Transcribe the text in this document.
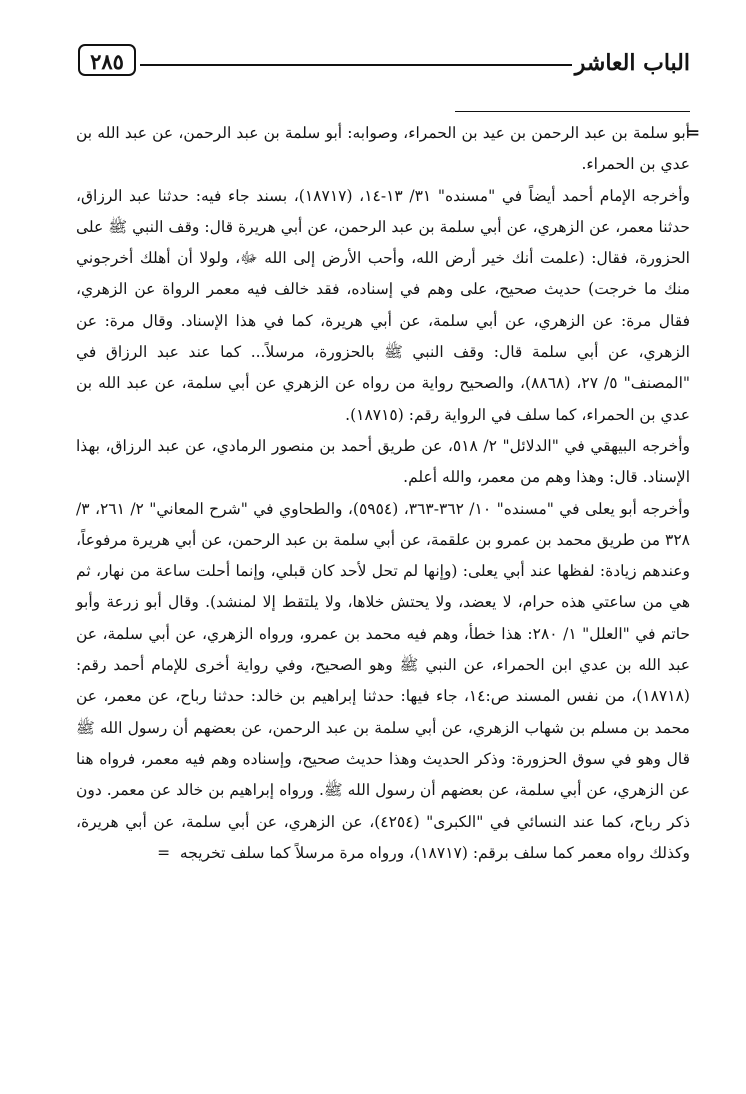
الباب العاشر
٢٨٥
=

أبو سلمة بن عبد الرحمن بن عيد بن الحمراء، وصوابه: أبو سلمة بن عبد الرحمن، عن عبد الله بن عدي بن الحمراء.

وأخرجه الإمام أحمد أيضاً في "مسنده" ٣١/ ١٣-١٤، (١٨٧١٧)، بسند جاء فيه: حدثنا عبد الرزاق، حدثنا معمر، عن الزهري، عن أبي سلمة بن عبد الرحمن، عن أبي هريرة قال: وقف النبي ﷺ على الحزورة، فقال: (علمت أنك خير أرض الله، وأحب الأرض إلى الله ﷻ، ولولا أن أهلك أخرجوني منك ما خرجت) حديث صحيح، على وهم في إسناده، فقد خالف فيه معمر الرواة عن الزهري، فقال مرة: عن الزهري، عن أبي سلمة، عن أبي هريرة، كما في هذا الإسناد. وقال مرة: عن الزهري، عن أبي سلمة قال: وقف النبي ﷺ بالحزورة، مرسلاً... كما عند عبد الرزاق في "المصنف" ٥/ ٢٧، (٨٨٦٨)، والصحيح رواية من رواه عن الزهري عن أبي سلمة، عن عبد الله بن عدي بن الحمراء، كما سلف في الرواية رقم: (١٨٧١٥).

وأخرجه البيهقي في "الدلائل" ٢/ ٥١٨، عن طريق أحمد بن منصور الرمادي، عن عبد الرزاق، بهذا الإسناد. قال: وهذا وهم من معمر، والله أعلم.

وأخرجه أبو يعلى في "مسنده" ١٠/ ٣٦٢-٣٦٣، (٥٩٥٤)، والطحاوي في "شرح المعاني" ٢/ ٢٦١، ٣/ ٣٢٨ من طريق محمد بن عمرو بن علقمة، عن أبي سلمة بن عبد الرحمن، عن أبي هريرة مرفوعاً، وعندهم زيادة: لفظها عند أبي يعلى: (وإنها لم تحل لأحد كان قبلي، وإنما أحلت ساعة من نهار، ثم هي من ساعتي هذه حرام، لا يعضد، ولا يحتش خلاها، ولا يلتقط إلا لمنشد). وقال أبو زرعة وأبو حاتم في "العلل" ١/ ٢٨٠: هذا خطأ، وهم فيه محمد بن عمرو، ورواه الزهري، عن أبي سلمة، عن عبد الله بن عدي ابن الحمراء، عن النبي ﷺ وهو الصحيح، وفي رواية أخرى للإمام أحمد رقم: (١٨٧١٨)، من نفس المسند ص:١٤، جاء فيها: حدثنا إبراهيم بن خالد: حدثنا رباح، عن معمر، عن محمد بن مسلم بن شهاب الزهري، عن أبي سلمة بن عبد الرحمن، عن بعضهم أن رسول الله ﷺ قال وهو في سوق الحزورة: وذكر الحديث وهذا حديث صحيح، وإسناده وهم فيه معمر، فرواه هنا عن الزهري، عن أبي سلمة، عن بعضهم أن رسول الله ﷺ. ورواه إبراهيم بن خالد عن معمر. دون ذكر رباح، كما عند النسائي في "الكبرى" (٤٢٥٤)، عن الزهري، عن أبي سلمة، عن أبي هريرة، وكذلك رواه معمر كما سلف برقم: (١٨٧١٧)، ورواه مرة مرسلاً كما سلف تخريجه  =
